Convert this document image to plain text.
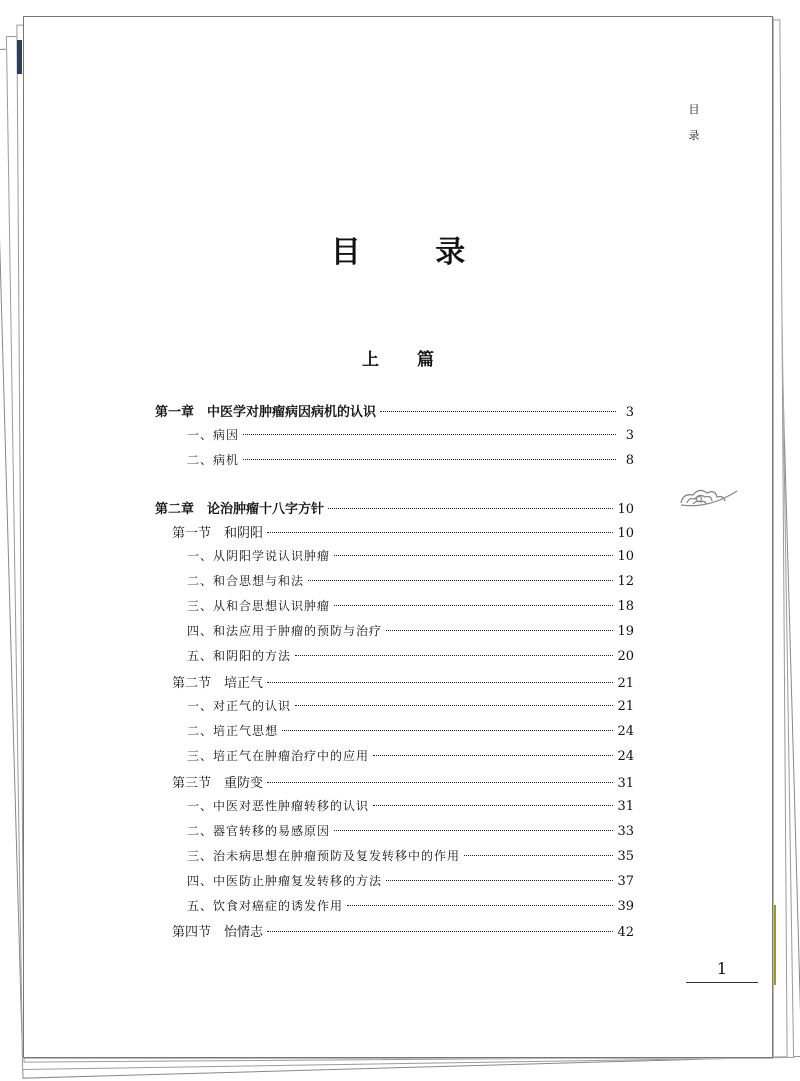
目
录
目 录
上 篇
第一章　中医学对肿瘤病因病机的认识	3
一、病因	3
二、病机	8
第二章　论治肿瘤十八字方针	10
第一节　和阴阳	10
一、从阴阳学说认识肿瘤	10
二、和合思想与和法	12
三、从和合思想认识肿瘤	18
四、和法应用于肿瘤的预防与治疗	19
五、和阴阳的方法	20
第二节　培正气	21
一、对正气的认识	21
二、培正气思想	24
三、培正气在肿瘤治疗中的应用	24
第三节　重防变	31
一、中医对恶性肿瘤转移的认识	31
二、器官转移的易感原因	33
三、治未病思想在肿瘤预防及复发转移中的作用	35
四、中医防止肿瘤复发转移的方法	37
五、饮食对癌症的诱发作用	39
第四节　怡情志	42
1
